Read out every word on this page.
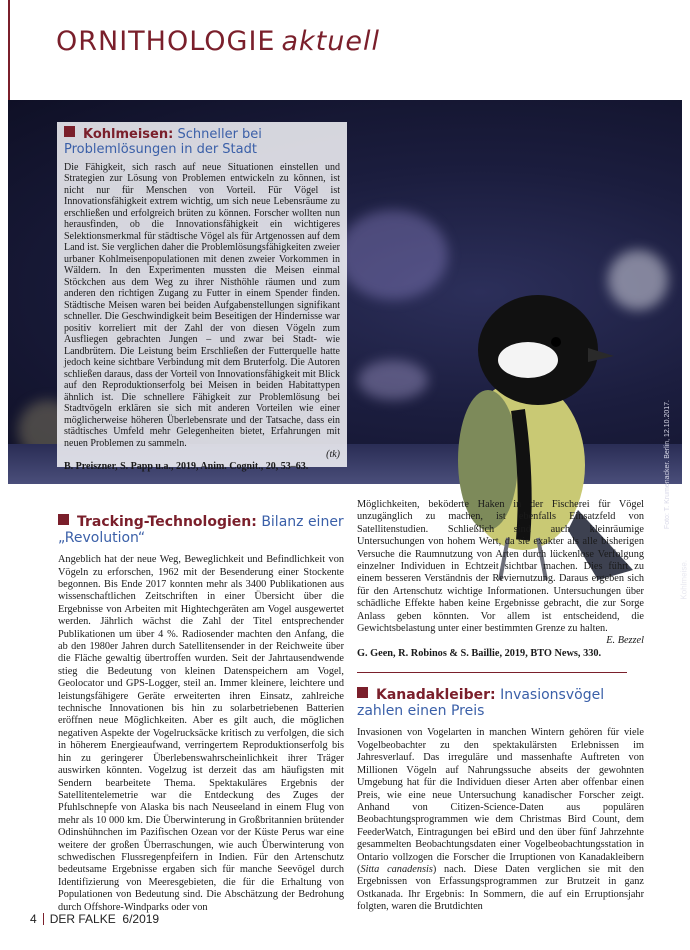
ORNITHOLOGIE aktuell
Foto: T. Krumenacker. Berlin, 12.10.2017.
Kohlmeise.
Kohlmeisen: Schneller bei Problemlösungen in der Stadt
Die Fähigkeit, sich rasch auf neue Situationen einstellen und Strategien zur Lösung von Problemen entwickeln zu können, ist nicht nur für Menschen von Vorteil. Für Vögel ist Innovationsfähigkeit extrem wichtig, um sich neue Lebensräume zu erschließen und erfolgreich brüten zu können. Forscher wollten nun herausfinden, ob die Innovationsfähigkeit ein wichtigeres Selektionsmerkmal für städtische Vögel als für Artgenossen auf dem Land ist. Sie verglichen daher die Problemlösungsfähigkeiten zweier urbaner Kohlmeisenpopulationen mit denen zweier Vorkommen in Wäldern. In den Experimenten mussten die Meisen einmal Stöckchen aus dem Weg zu ihrer Nisthöhle räumen und zum anderen den richtigen Zugang zu Futter in einem Spender finden. Städtische Meisen waren bei beiden Aufgabenstellungen signifikant schneller. Die Geschwindigkeit beim Beseitigen der Hindernisse war positiv korreliert mit der Zahl der von diesen Vögeln zum Ausfliegen gebrachten Jungen – und zwar bei Stadt- wie Landbrütern. Die Leistung beim Erschließen der Futterquelle hatte jedoch keine sichtbare Verbindung mit dem Bruterfolg. Die Autoren schließen daraus, dass der Vorteil von Innovationsfähigkeit mit Blick auf den Reproduktionserfolg bei Meisen in beiden Habitattypen ähnlich ist. Die schnellere Fähigkeit zur Problemlösung bei Stadtvögeln erklären sie sich mit anderen Vorteilen wie einer möglicherweise höheren Überlebensrate und der Tatsache, dass ein städtisches Umfeld mehr Gelegenheiten bietet, Erfahrungen mit neuen Problemen zu sammeln.
(tk)
B. Preiszner, S. Papp u.a., 2019, Anim. Cognit., 20, 53–63.
Tracking-Technologien: Bilanz einer „Revolution“
Angeblich hat der neue Weg, Beweglichkeit und Befindlichkeit von Vögeln zu erforschen, 1962 mit der Besenderung einer Stockente begonnen. Bis Ende 2017 konnten mehr als 3400 Publikationen aus wissenschaftlichen Zeitschriften in einer Übersicht über die Ergebnisse von Arbeiten mit Hightechgeräten am Vogel ausgewertet werden. Jährlich wächst die Zahl der Titel entsprechender Publikationen um über 4 %. Radiosender machten den Anfang, die ab den 1980er Jahren durch Satellitensender in der Reichweite über die Fläche gewaltig übertroffen wurden. Seit der Jahrtausendwende stieg die Bedeutung von kleinen Datenspeichern am Vogel, Geolocator und GPS-Logger, steil an. Immer kleinere, leichtere und leistungsfähigere Geräte erweiterten ihren Einsatz, zahlreiche technische Innovationen bis hin zu solarbetriebenen Batterien eröffnen neue Möglichkeiten. Aber es gilt auch, die möglichen negativen Aspekte der Vogelrucksäcke kritisch zu verfolgen, die sich in höherem Energieaufwand, verringertem Reproduktionserfolg bis hin zu geringerer Überlebenswahrscheinlichkeit ihrer Träger auswirken könnten. Vogelzug ist derzeit das am häufigsten mit Sendern bearbeitete Thema. Spektakuläres Ergebnis der Satellitentelemetrie war die Entdeckung des Zuges der Pfuhlschnepfe von Alaska bis nach Neuseeland in einem Flug von mehr als 10 000 km. Die Überwinterung in Großbritannien brütender Odinshühnchen im Pazifischen Ozean vor der Küste Perus war eine weitere der großen Überraschungen, wie auch Überwinterung von schwedischen Flussregenpfeifern in Indien. Für den Artenschutz bedeutsame Ergebnisse ergaben sich für manche Seevögel durch Identifizierung von Meeresgebieten, die für die Erhaltung von Populationen von Bedeutung sind. Die Abschätzung der Bedrohung durch Offshore-Windparks oder von
Möglichkeiten, beköderte Haken in der Fischerei für Vögel unzugänglich zu machen, ist ebenfalls Einsatzfeld von Satellitenstudien. Schließlich sind auch kleinräumige Untersuchungen von hohem Wert, da sie exakter als alle bisherigen Versuche die Raumnutzung von Arten durch lückenlose Verfolgung einzelner Individuen in Echtzeit sichtbar machen. Dies führt zu einem besseren Verständnis der Reviernutzung. Daraus ergeben sich für den Artenschutz wichtige Informationen. Untersuchungen über schädliche Effekte haben keine Ergebnisse gebracht, die zur Sorge Anlass geben könnten. Vor allem ist entscheidend, die Gewichtsbelastung unter einer bestimmten Grenze zu halten.
E. Bezzel
G. Geen, R. Robinos & S. Baillie, 2019, BTO News, 330.
Kanadakleiber: Invasionsvögel zahlen einen Preis
Invasionen von Vogelarten in manchen Wintern gehören für viele Vogelbeobachter zu den spektakulärsten Erlebnissen im Jahresverlauf. Das irreguläre und massenhafte Auftreten von Millionen Vögeln auf Nahrungssuche abseits der gewohnten Umgebung hat für die Individuen dieser Arten aber offenbar einen Preis, wie eine neue Untersuchung kanadischer Forscher zeigt. Anhand von Citizen-Science-Daten aus populären Beobachtungsprogrammen wie dem Christmas Bird Count, dem FeederWatch, Eintragungen bei eBird und den über fünf Jahrzehnte gesammelten Beobachtungsdaten einer Vogelbeobachtungsstation in Ontario vollzogen die Forscher die Irruptionen von Kanadakleibern (Sitta canadensis) nach. Diese Daten verglichen sie mit den Ergebnissen von Erfassungsprogrammen zur Brutzeit in ganz Ostkanada. Ihr Ergebnis: In Sommern, die auf ein Erruptionsjahr folgten, waren die Brutdichten
4 DER FALKE 6/2019
